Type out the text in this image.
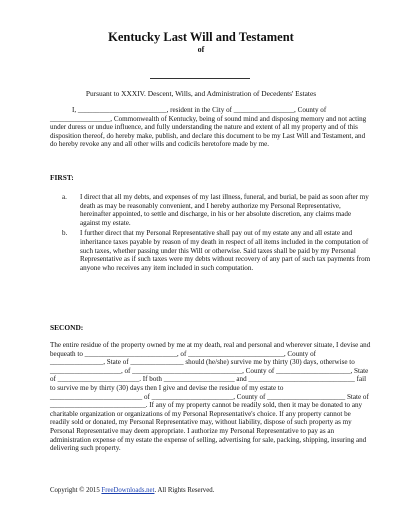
Kentucky Last Will and Testament
of
Pursuant to XXXIV. Descent, Wills, and Administration of Decedents' Estates
I, _________________________, resident in the City of _________________, County of _________________, Commonwealth of Kentucky, being of sound mind and disposing memory and not acting under duress or undue influence, and fully understanding the nature and extent of all my property and of this disposition thereof, do hereby make, publish, and declare this document to be my Last Will and Testament, and do hereby revoke any and all other wills and codicils heretofore made by me.
FIRST:
a. I direct that all my debts, and expenses of my last illness, funeral, and burial, be paid as soon after my death as may be reasonably convenient, and I hereby authorize my Personal Representative, hereinafter appointed, to settle and discharge, in his or her absolute discretion, any claims made against my estate.
b. I further direct that my Personal Representative shall pay out of my estate any and all estate and inheritance taxes payable by reason of my death in respect of all items included in the computation of such taxes, whether passing under this Will or otherwise. Said taxes shall be paid by my Personal Representative as if such taxes were my debts without recovery of any part of such tax payments from anyone who receives any item included in such computation.
SECOND:
The entire residue of the property owned by me at my death, real and personal and wherever situate, I devise and bequeath to __________________________, of ___________________________, County of _______________, State of _______________ should (he/she) survive me by thirty (30) days, otherwise to ____________________, of _______________________________, County of _____________________, State of _______________________. If both ____________________ and ______________________________ fail to survive me by thirty (30) days then I give and devise the residue of my estate to __________________________ of _______________________, County of ______________________ State of ___________________________. If any of my property cannot be readily sold, then it may be donated to any charitable organization or organizations of my Personal Representative's choice. If any property cannot be readily sold or donated, my Personal Representative may, without liability, dispose of such property as my Personal Representative may deem appropriate. I authorize my Personal Representative to pay as an administration expense of my estate the expense of selling, advertising for sale, packing, shipping, insuring and delivering such property.
Copyright © 2015 FreeDownloads.net. All Rights Reserved.
